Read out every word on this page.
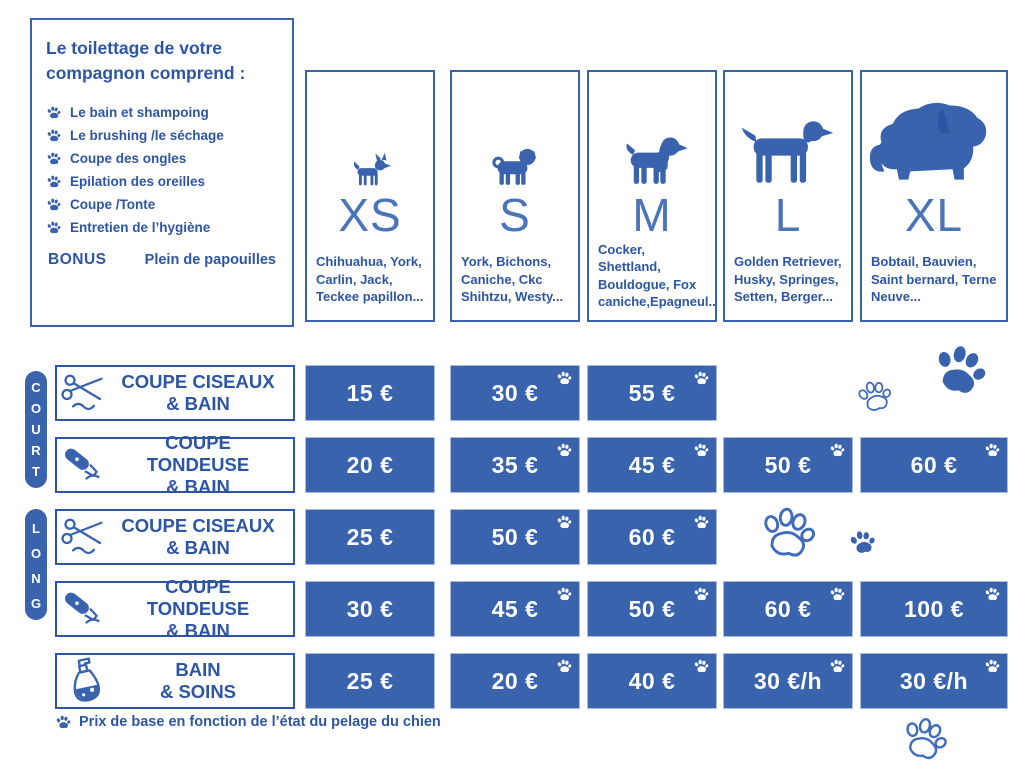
Le toilettage de votre compagnon comprend :
Le bain et shampoing
Le brushing /le séchage
Coupe des ongles
Epilation des oreilles
Coupe /Tonte
Entretien de l’hygiène
BONUS	Plein de papouilles
XS
Chihuahua, York, Carlin, Jack, Teckee papillon...
S
York, Bichons, Caniche, Ckc Shihtzu, Westy...
M
Cocker, Shettland, Bouldogue, Fox caniche,Epagneul..
L
Golden Retriever, Husky, Springes, Setten, Berger...
XL
Bobtail, Bauvien, Saint bernard, Terne Neuve...
COURT
LONG
COUPE CISEAUX
& BAIN
COUPE TONDEUSE
& BAIN
COUPE CISEAUX
& BAIN
COUPE TONDEUSE
& BAIN
BAIN
& SOINS
15 €	30 €	55 €
20 €	35 €	45 €	50 €	60 €
25 €	50 €	60 €
30 €	45 €	50 €	60 €	100 €
25 €	20 €	40 €	30 €/h	30 €/h
Prix de base en fonction de l’état du pelage du chien
